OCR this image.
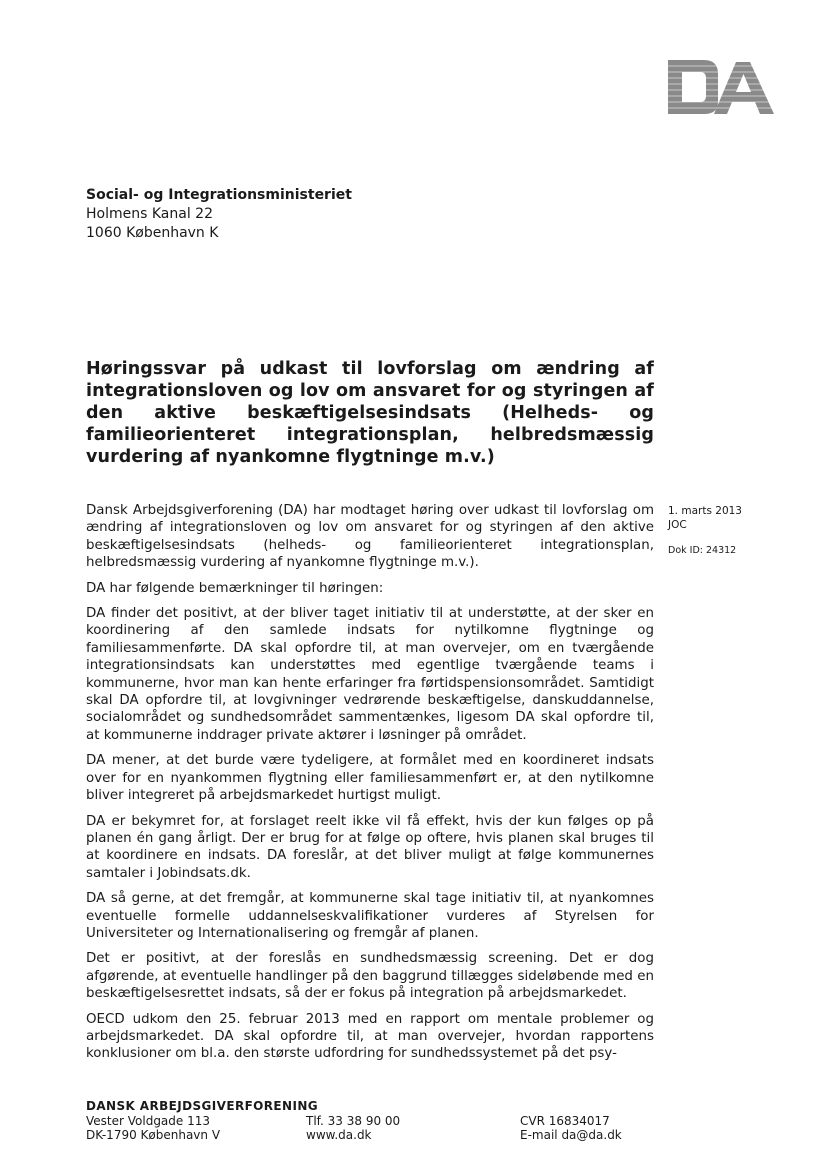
Social- og Integrationsministeriet
Holmens Kanal 22
1060 København K
Høringssvar på udkast til lovforslag om ændring af integrationsloven og lov om ansvaret for og styringen af den aktive beskæftigelsesindsats (Helheds- og familieorienteret integrationsplan, helbredsmæssig vurdering af nyankomne flygtninge m.v.)

Dansk Arbejdsgiverforening (DA) har modtaget høring over udkast til lovforslag om ændring af integrationsloven og lov om ansvaret for og styringen af den aktive beskæftigelsesindsats (helheds- og familieorienteret integrationsplan, helbredsmæssig vurdering af nyankomne flygtninge m.v.).

DA har følgende bemærkninger til høringen:

DA finder det positivt, at der bliver taget initiativ til at understøtte, at der sker en koordinering af den samlede indsats for nytilkomne flygtninge og familiesammenførte. DA skal opfordre til, at man overvejer, om en tværgående integrationsindsats kan understøttes med egentlige tværgående teams i kommunerne, hvor man kan hente erfaringer fra førtidspensionsområdet. Samtidigt skal DA opfordre til, at lovgivninger vedrørende beskæftigelse, danskuddannelse, socialområdet og sundhedsområdet sammentænkes, ligesom DA skal opfordre til, at kommunerne inddrager private aktører i løsninger på området.

DA mener, at det burde være tydeligere, at formålet med en koordineret indsats over for en nyankommen flygtning eller familiesammenført er, at den nytilkomne bliver integreret på arbejdsmarkedet hurtigst muligt.

DA er bekymret for, at forslaget reelt ikke vil få effekt, hvis der kun følges op på planen én gang årligt. Der er brug for at følge op oftere, hvis planen skal bruges til at koordinere en indsats. DA foreslår, at det bliver muligt at følge kommunernes samtaler i Jobindsats.dk.

DA så gerne, at det fremgår, at kommunerne skal tage initiativ til, at nyankomnes eventuelle formelle uddannelseskvalifikationer vurderes af Styrelsen for Universiteter og Internationalisering og fremgår af planen.

Det er positivt, at der foreslås en sundhedsmæssig screening. Det er dog afgørende, at eventuelle handlinger på den baggrund tillægges sideløbende med en beskæftigelsesrettet indsats, så der er fokus på integration på arbejdsmarkedet.

OECD udkom den 25. februar 2013 med en rapport om mentale problemer og arbejdsmarkedet. DA skal opfordre til, at man overvejer, hvordan rapportens konklusioner om bl.a. den største udfordring for sundhedssystemet på det psy-

1. marts 2013
JOC
Dok ID: 24312
DANSK ARBEJDSGIVERFORENING
Vester Voldgade 113
DK-1790 København V
Tlf. 33 38 90 00
www.da.dk
CVR 16834017
E-mail da@da.dk
